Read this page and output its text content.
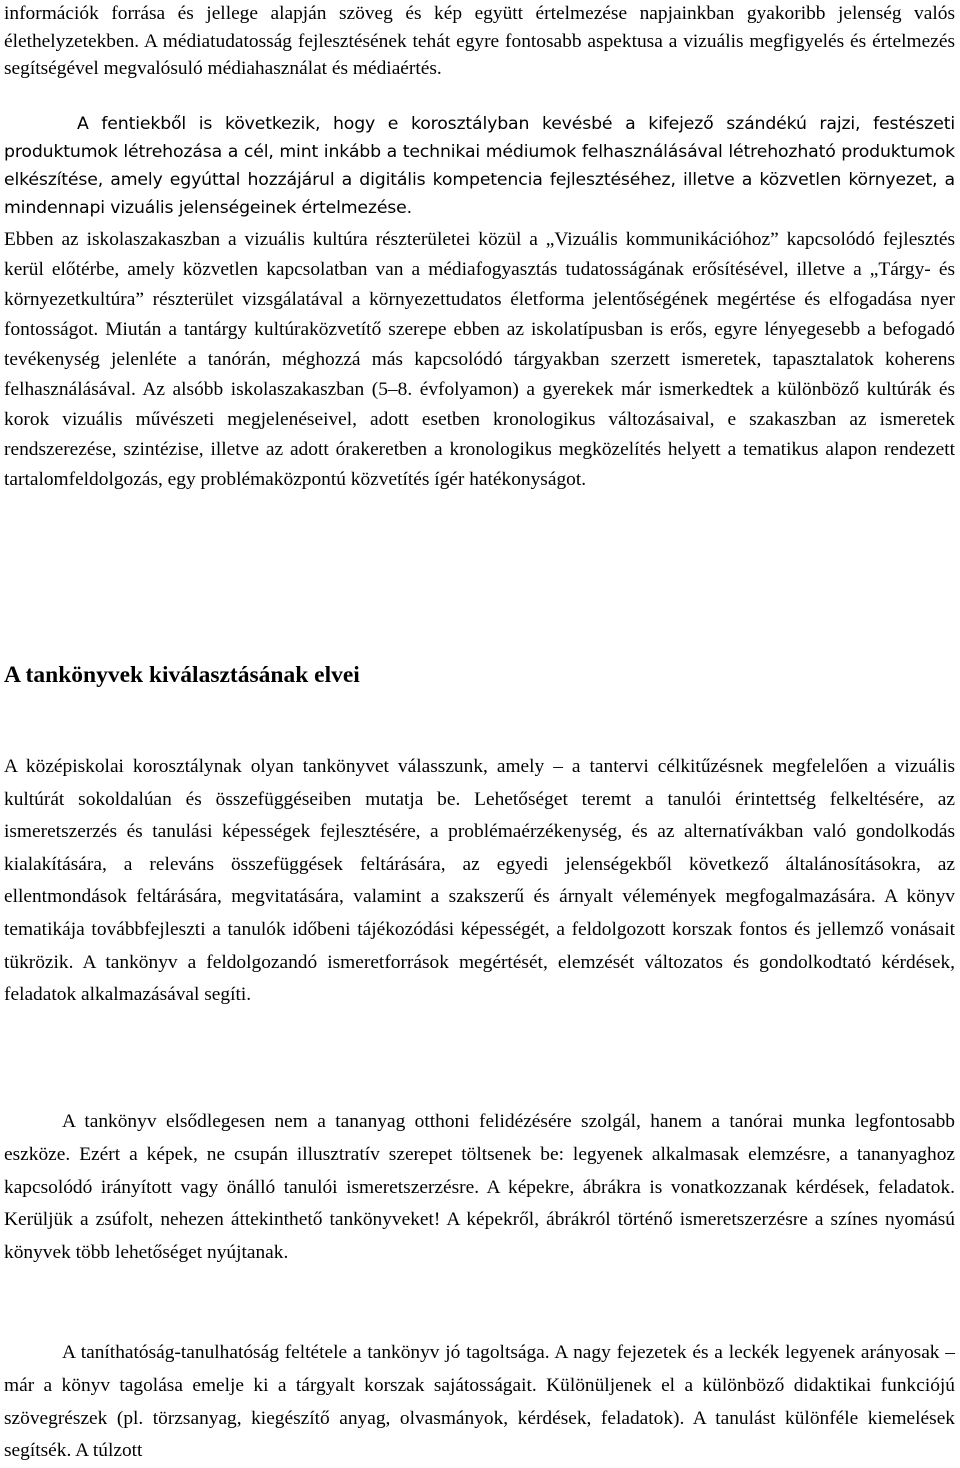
információk forrása és jellege alapján szöveg és kép együtt értelmezése napjainkban gyakoribb jelenség valós élethelyzetekben. A médiatudatosság fejlesztésének tehát egyre fontosabb aspektusa a vizuális megfigyelés és értelmezés segítségével megvalósuló médiahasználat és médiaértés.

A fentiekből is következik, hogy e korosztályban kevésbé a kifejező szándékú rajzi, festészeti produktumok létrehozása a cél, mint inkább a technikai médiumok felhasználásával létrehozható produktumok elkészítése, amely egyúttal hozzájárul a digitális kompetencia fejlesztéséhez, illetve a közvetlen környezet, a mindennapi vizuális jelenségeinek értelmezése.

Ebben az iskolaszakaszban a vizuális kultúra részterületei közül a „Vizuális kommunikációhoz” kapcsolódó fejlesztés kerül előtérbe, amely közvetlen kapcsolatban van a médiafogyasztás tudatosságának erősítésével, illetve a „Tárgy- és környezetkultúra” részterület vizsgálatával a környezettudatos életforma jelentőségének megértése és elfogadása nyer fontosságot. Miután a tantárgy kultúraközvetítő szerepe ebben az iskolatípusban is erős, egyre lényegesebb a befogadó tevékenység jelenléte a tanórán, méghozzá más kapcsolódó tárgyakban szerzett ismeretek, tapasztalatok koherens felhasználásával. Az alsóbb iskolaszakaszban (5–8. évfolyamon) a gyerekek már ismerkedtek a különböző kultúrák és korok vizuális művészeti megjelenéseivel, adott esetben kronologikus változásaival, e szakaszban az ismeretek rendszerezése, szintézise, illetve az adott órakeretben a kronologikus megközelítés helyett a tematikus alapon rendezett tartalomfeldolgozás, egy problémaközpontú közvetítés ígér hatékonyságot.

A tankönyvek kiválasztásának elvei

A középiskolai korosztálynak olyan tankönyvet válasszunk, amely – a tantervi célkitűzésnek megfelelően a vizuális kultúrát sokoldalúan és összefüggéseiben mutatja be. Lehetőséget teremt a tanulói érintettség felkeltésére, az ismeretszerzés és tanulási képességek fejlesztésére, a problémaérzékenység, és az alternatívákban való gondolkodás kialakítására, a releváns összefüggések feltárására, az egyedi jelenségekből következő általánosításokra, az ellentmondások feltárására, megvitatására, valamint a szakszerű és árnyalt vélemények megfogalmazására. A könyv tematikája továbbfejleszti a tanulók időbeni tájékozódási képességét, a feldolgozott korszak fontos és jellemző vonásait tükrözik. A tankönyv a feldolgozandó ismeretforrások megértését, elemzését változatos és gondolkodtató kérdések, feladatok alkalmazásával segíti.

A tankönyv elsődlegesen nem a tananyag otthoni felidézésére szolgál, hanem a tanórai munka legfontosabb eszköze. Ezért a képek, ne csupán illusztratív szerepet töltsenek be: legyenek alkalmasak elemzésre, a tananyaghoz kapcsolódó irányított vagy önálló tanulói ismeretszerzésre. A képekre, ábrákra is vonatkozzanak kérdések, feladatok. Kerüljük a zsúfolt, nehezen áttekinthető tankönyveket! A képekről, ábrákról történő ismeretszerzésre a színes nyomású könyvek több lehetőséget nyújtanak.

A taníthatóság-tanulhatóság feltétele a tankönyv jó tagoltsága. A nagy fejezetek és a leckék legyenek arányosak – már a könyv tagolása emelje ki a tárgyalt korszak sajátosságait. Különüljenek el a különböző didaktikai funkciójú szövegrészek (pl. törzsanyag, kiegészítő anyag, olvasmányok, kérdések, feladatok). A tanulást különféle kiemelések segítsék. A túlzott
